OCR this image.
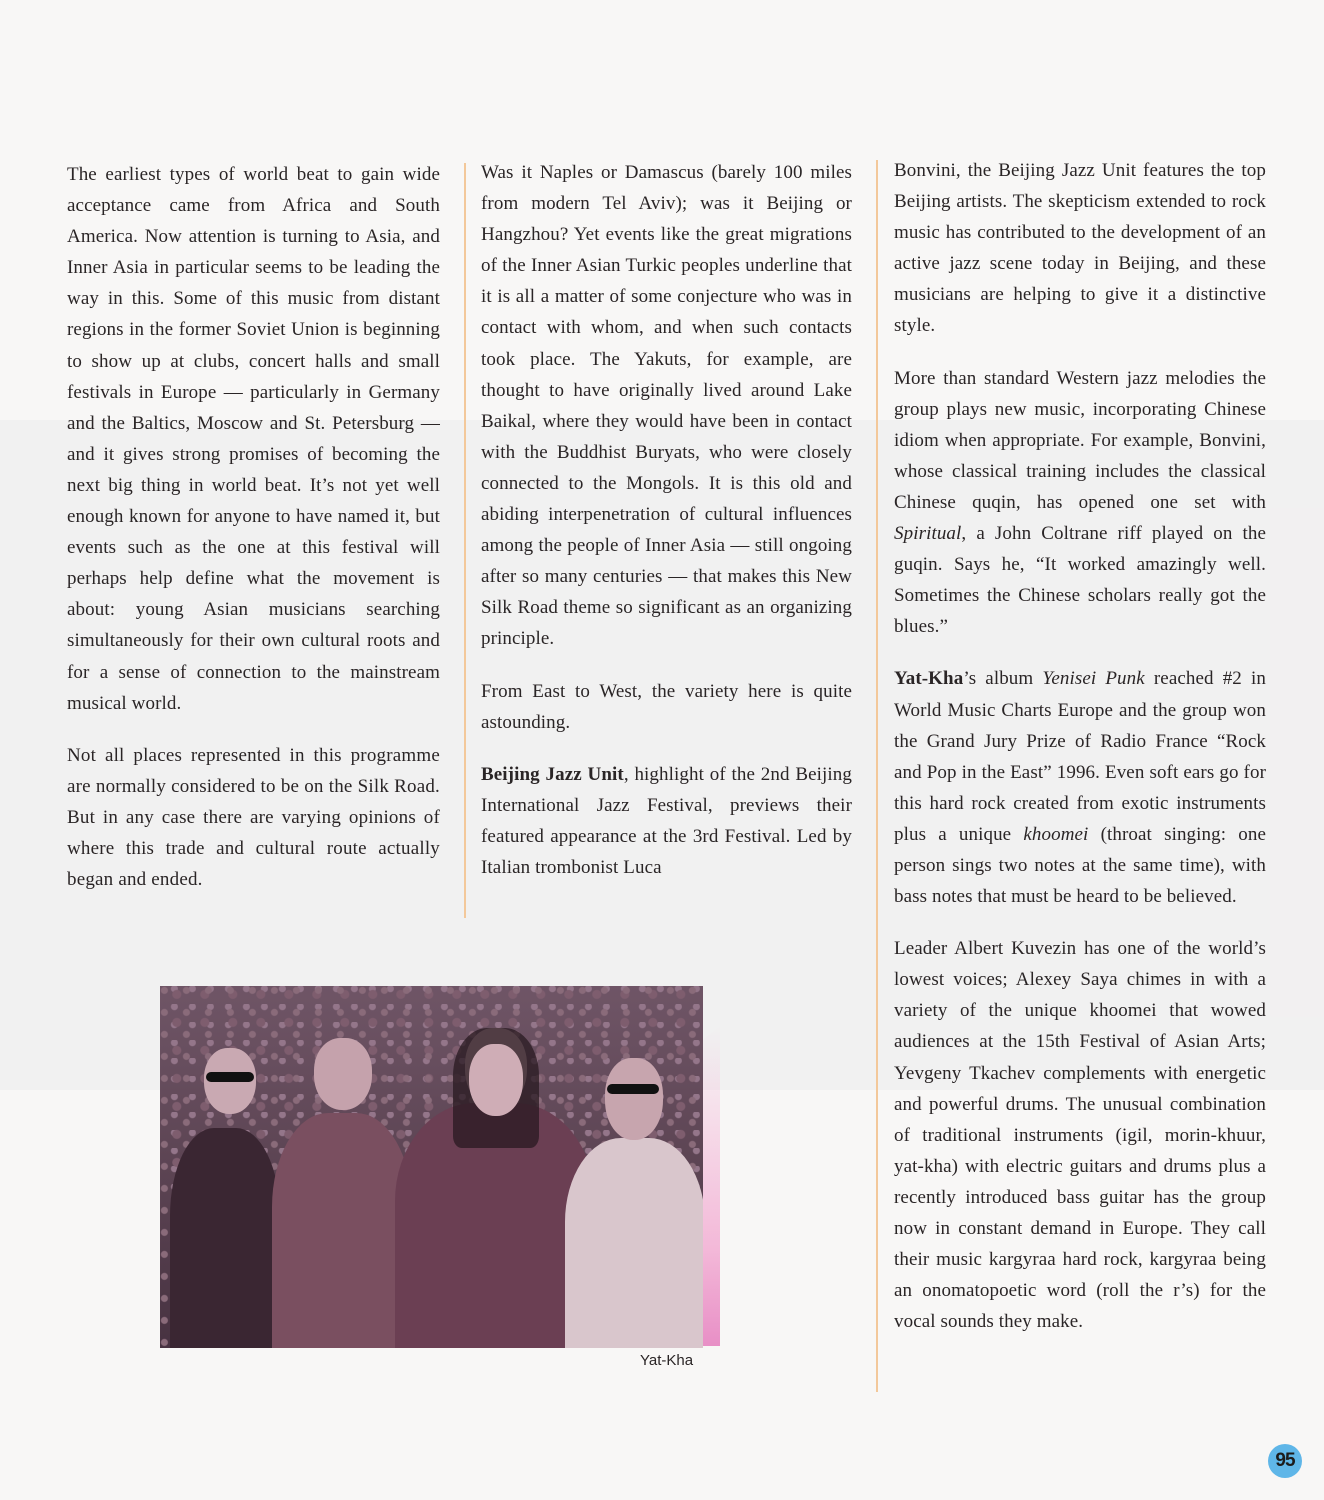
The earliest types of world beat to gain wide acceptance came from Africa and South America. Now attention is turning to Asia, and Inner Asia in particular seems to be leading the way in this. Some of this music from distant regions in the former Soviet Union is beginning to show up at clubs, concert halls and small festivals in Europe — particularly in Germany and the Baltics, Moscow and St. Petersburg — and it gives strong promises of becoming the next big thing in world beat. It’s not yet well enough known for anyone to have named it, but events such as the one at this festival will perhaps help define what the movement is about: young Asian musicians searching simultaneously for their own cultural roots and for a sense of connection to the mainstream musical world.

Not all places represented in this programme are normally considered to be on the Silk Road. But in any case there are varying opinions of where this trade and cultural route actually began and ended.

Was it Naples or Damascus (barely 100 miles from modern Tel Aviv); was it Beijing or Hangzhou? Yet events like the great migrations of the Inner Asian Turkic peoples underline that it is all a matter of some conjecture who was in contact with whom, and when such contacts took place. The Yakuts, for example, are thought to have originally lived around Lake Baikal, where they would have been in contact with the Buddhist Buryats, who were closely connected to the Mongols. It is this old and abiding interpenetration of cultural influences among the people of Inner Asia — still ongoing after so many centuries — that makes this New Silk Road theme so significant as an organizing principle.

From East to West, the variety here is quite astounding.

Beijing Jazz Unit, highlight of the 2nd Beijing International Jazz Festival, previews their featured appearance at the 3rd Festival. Led by Italian trombonist Luca

Bonvini, the Beijing Jazz Unit features the top Beijing artists. The skepticism extended to rock music has contributed to the development of an active jazz scene today in Beijing, and these musicians are helping to give it a distinctive style.

More than standard Western jazz melodies the group plays new music, incorporating Chinese idiom when appropriate. For example, Bonvini, whose classical training includes the classical Chinese quqin, has opened one set with Spiritual, a John Coltrane riff played on the guqin. Says he, “It worked amazingly well. Sometimes the Chinese scholars really got the blues.”

Yat-Kha’s album Yenisei Punk reached #2 in World Music Charts Europe and the group won the Grand Jury Prize of Radio France “Rock and Pop in the East” 1996. Even soft ears go for this hard rock created from exotic instruments plus a unique khoomei (throat singing: one person sings two notes at the same time), with bass notes that must be heard to be believed.

Leader Albert Kuvezin has one of the world’s lowest voices; Alexey Saya chimes in with a variety of the unique khoomei that wowed audiences at the 15th Festival of Asian Arts; Yevgeny Tkachev complements with energetic and powerful drums. The unusual combination of traditional instruments (igil, morin-khuur, yat-kha) with electric guitars and drums plus a recently introduced bass guitar has the group now in constant demand in Europe. They call their music kargyraa hard rock, kargyraa being an onomatopoetic word (roll the r’s) for the vocal sounds they make.

Yat-Kha
95
